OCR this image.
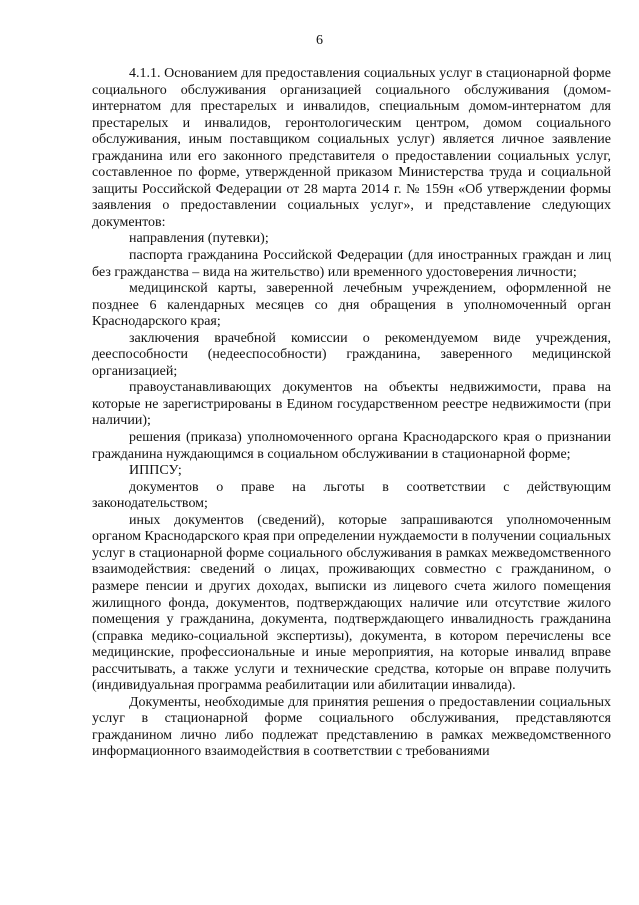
6

4.1.1. Основанием для предоставления социальных услуг в стационарной форме социального обслуживания организацией социального обслуживания (домом-интернатом для престарелых и инвалидов, специальным домом-интернатом для престарелых и инвалидов, геронтологическим центром, домом социального обслуживания, иным поставщиком социальных услуг) является личное заявление гражданина или его законного представителя о предоставлении социальных услуг, составленное по форме, утвержденной приказом Министерства труда и социальной защиты Российской Федерации от 28 марта 2014 г. № 159н «Об утверждении формы заявления о предоставлении социальных услуг», и представление следующих документов:

направления (путевки);

паспорта гражданина Российской Федерации (для иностранных граждан и лиц без гражданства – вида на жительство) или временного удостоверения личности;

медицинской карты, заверенной лечебным учреждением, оформленной не позднее 6 календарных месяцев со дня обращения в уполномоченный орган Краснодарского края;

заключения врачебной комиссии о рекомендуемом виде учреждения, дееспособности (недееспособности) гражданина, заверенного медицинской организацией;

правоустанавливающих документов на объекты недвижимости, права на которые не зарегистрированы в Едином государственном реестре недвижимости (при наличии);

решения (приказа) уполномоченного органа Краснодарского края о признании гражданина нуждающимся в социальном обслуживании в стационарной форме;

ИППСУ;

документов о праве на льготы в соответствии с действующим законодательством;

иных документов (сведений), которые запрашиваются уполномоченным органом Краснодарского края при определении нуждаемости в получении социальных услуг в стационарной форме социального обслуживания в рамках межведомственного взаимодействия: сведений о лицах, проживающих совместно с гражданином, о размере пенсии и других доходах, выписки из лицевого счета жилого помещения жилищного фонда, документов, подтверждающих наличие или отсутствие жилого помещения у гражданина, документа, подтверждающего инвалидность гражданина (справка медико-социальной экспертизы), документа, в котором перечислены все медицинские, профессиональные и иные мероприятия, на которые инвалид вправе рассчитывать, а также услуги и технические средства, которые он вправе получить (индивидуальная программа реабилитации или абилитации инвалида).

Документы, необходимые для принятия решения о предоставлении социальных услуг в стационарной форме социального обслуживания, представляются гражданином лично либо подлежат представлению в рамках межведомственного информационного взаимодействия в соответствии с требованиями
